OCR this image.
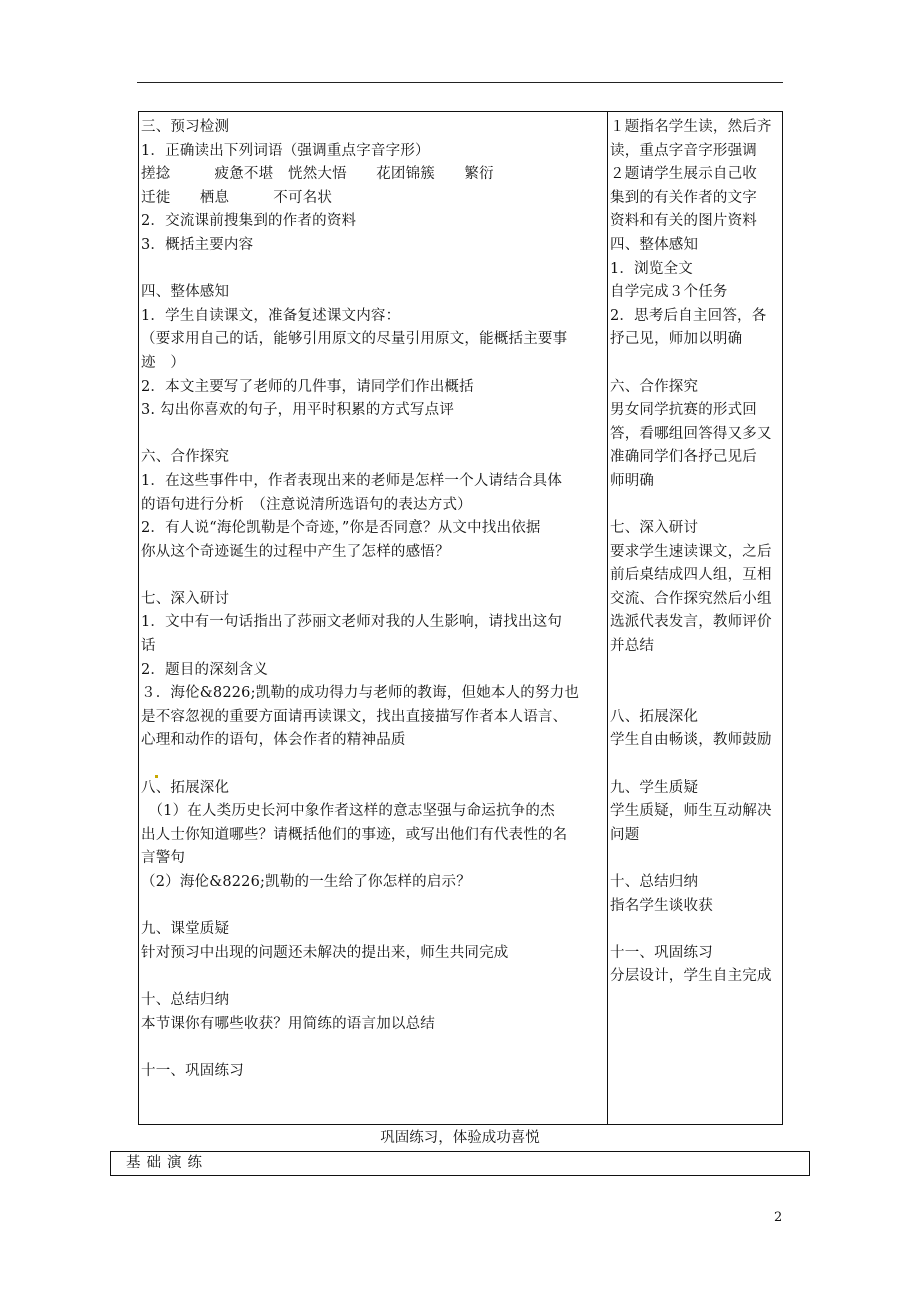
三、预习检测
1．正确读出下列词语（强调重点字音字形）
搓捻　　　疲惫不堪　恍然大悟　　花团锦簇　　繁衍
迁徙　　栖息　　　不可名状
2．交流课前搜集到的作者的资料
3．概括主要内容
四、整体感知
1．学生自读课文，准备复述课文内容：
（要求用自己的话，能够引用原文的尽量引用原文，能概括主要事
迹　）
2．本文主要写了老师的几件事，请同学们作出概括
3. 勾出你喜欢的句子，用平时积累的方式写点评
六、合作探究
1．在这些事件中，作者表现出来的老师是怎样一个人请结合具体
的语句进行分析　（注意说清所选语句的表达方式）
2．有人说“海伦凯勒是个奇迹，”你是否同意？从文中找出依据
你从这个奇迹诞生的过程中产生了怎样的感悟？
七、深入研讨
1．文中有一句话指出了莎丽文老师对我的人生影响，请找出这句
话
2．题目的深刻含义
３．海伦&8226;凯勒的成功得力与老师的教诲，但她本人的努力也
是不容忽视的重要方面请再读课文，找出直接描写作者本人语言、
心理和动作的语句，体会作者的精神品质
八、拓展深化
　（1）在人类历史长河中象作者这样的意志坚强与命运抗争的杰
出人士你知道哪些？请概括他们的事迹，或写出他们有代表性的名
言警句
（2）海伦&8226;凯勒的一生给了你怎样的启示？
九、课堂质疑
针对预习中出现的问题还未解决的提出来，师生共同完成
十、总结归纳
本节课你有哪些收获？用简练的语言加以总结
十一、巩固练习
１题指名学生读，然后齐
读，重点字音字形强调
２题请学生展示自己收
集到的有关作者的文字
资料和有关的图片资料
四、整体感知
1．浏览全文
自学完成３个任务
2．思考后自主回答，各
抒己见，师加以明确
六、合作探究
男女同学抗赛的形式回
答，看哪组回答得又多又
准确同学们各抒己见后
师明确
七、深入研讨
要求学生速读课文，之后
前后桌结成四人组，互相
交流、合作探究然后小组
选派代表发言，教师评价
并总结
八、拓展深化
学生自由畅谈，教师鼓励
九、学生质疑
学生质疑，师生互动解决
问题
十、总结归纳
指名学生谈收获
十一、巩固练习
分层设计，学生自主完成
巩固练习，体验成功喜悦
基础演练
2
